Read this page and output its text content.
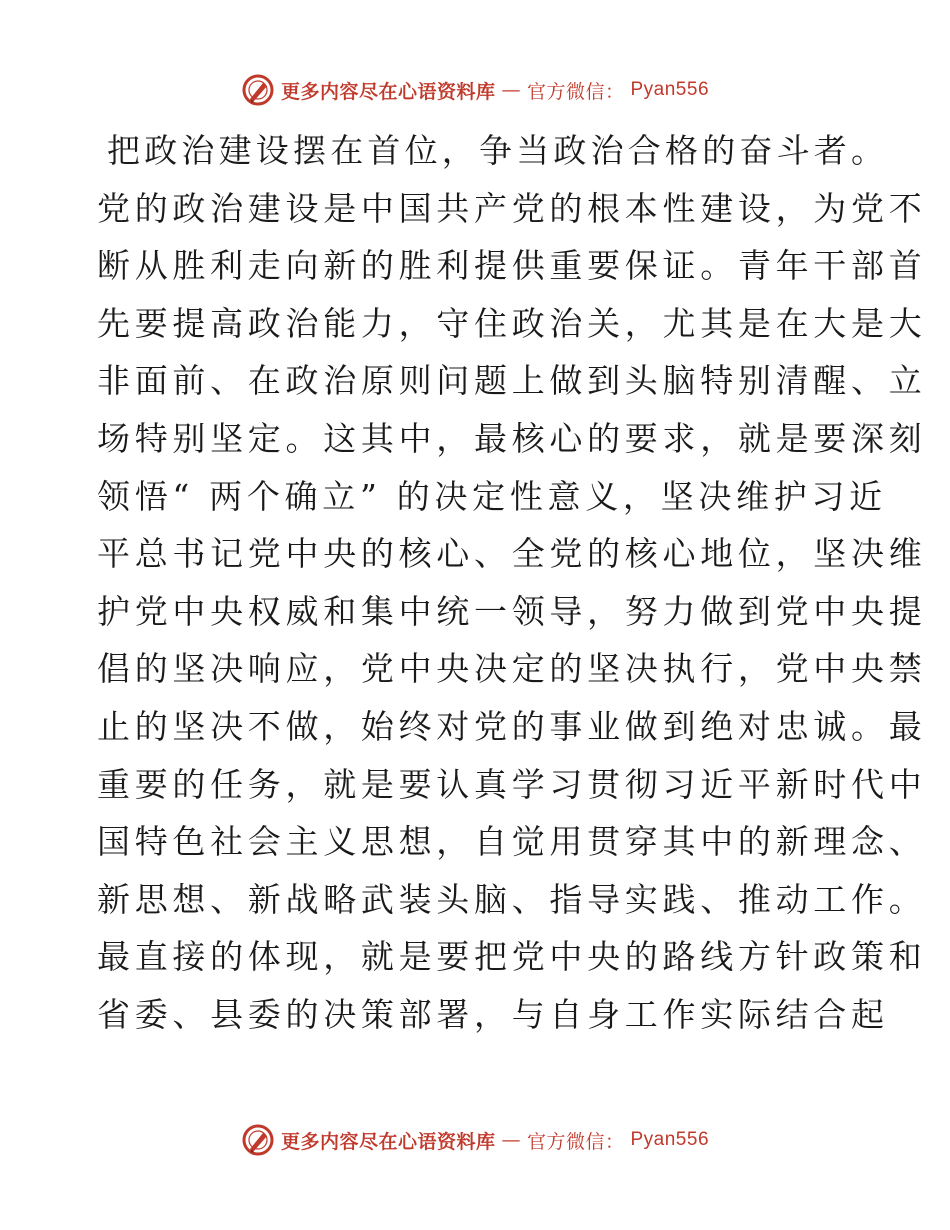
更多内容尽在心语资料库 — 官方微信： Pyan556
把政治建设摆在首位，争当政治合格的奋斗者。
党的政治建设是中国共产党的根本性建设，为党不
断从胜利走向新的胜利提供重要保证。青年干部首
先要提高政治能力，守住政治关，尤其是在大是大
非面前、在政治原则问题上做到头脑特别清醒、立
场特别坚定。这其中，最核心的要求，就是要深刻
领悟“ 两个确立” 的决定性意义，坚决维护习近
平总书记党中央的核心、全党的核心地位，坚决维
护党中央权威和集中统一领导，努力做到党中央提
倡的坚决响应，党中央决定的坚决执行，党中央禁
止的坚决不做，始终对党的事业做到绝对忠诚。最
重要的任务，就是要认真学习贯彻习近平新时代中
国特色社会主义思想，自觉用贯穿其中的新理念、
新思想、新战略武装头脑、指导实践、推动工作。
最直接的体现，就是要把党中央的路线方针政策和
省委、县委的决策部署，与自身工作实际结合起
更多内容尽在心语资料库 — 官方微信： Pyan556
